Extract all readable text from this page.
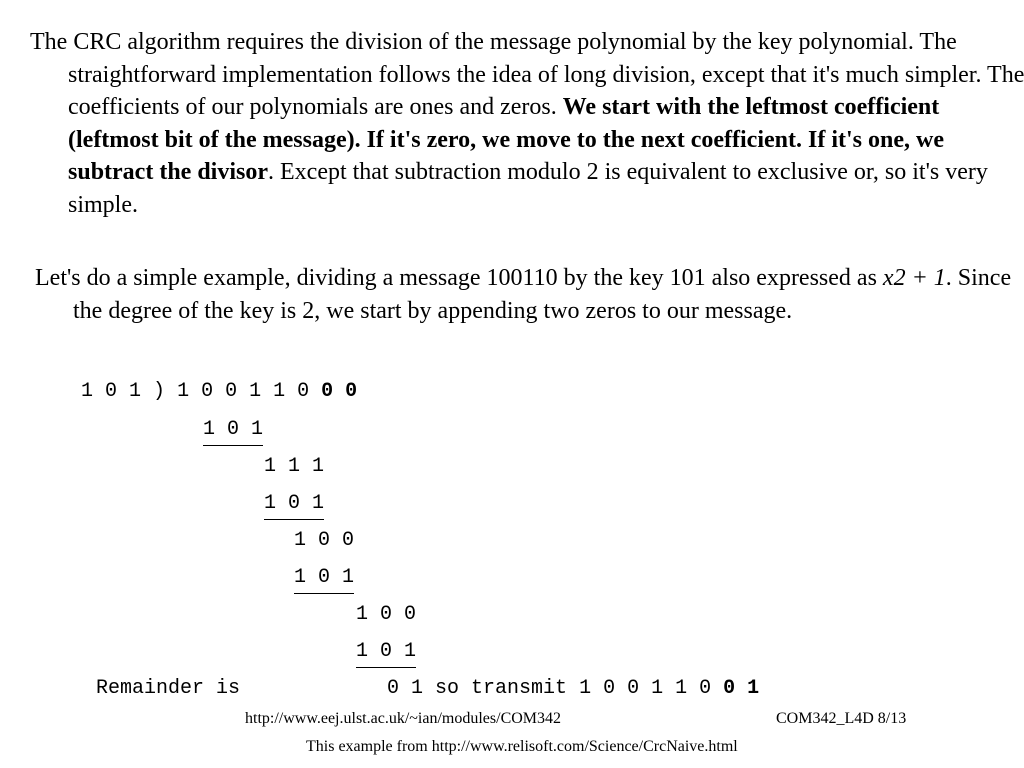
The CRC algorithm requires the division of the message polynomial by the key polynomial. The straightforward implementation follows the idea of long division, except that it's much simpler. The coefficients of our polynomials are ones and zeros. We start with the leftmost coefficient (leftmost bit of the message). If it's zero, we move to the next coefficient. If it's one, we subtract the divisor. Except that subtraction modulo 2 is equivalent to exclusive or, so it's very simple.

Let's do a simple example, dividing a message 100110 by the key 101 also expressed as x2 + 1. Since the degree of the key is 2, we start by appending two zeros to our message.

1 0 1 ) 1 0 0 1 1 0 0 0
1 0 1
1 1 1
1 0 1
1 0 0
1 0 1
1 0 0
1 0 1
Remainder is	0 1 so transmit 1 0 0 1 1 0 0 1
http://www.eej.ulst.ac.uk/~ian/modules/COM342	COM342_L4D 8/13
This example from http://www.relisoft.com/Science/CrcNaive.html
